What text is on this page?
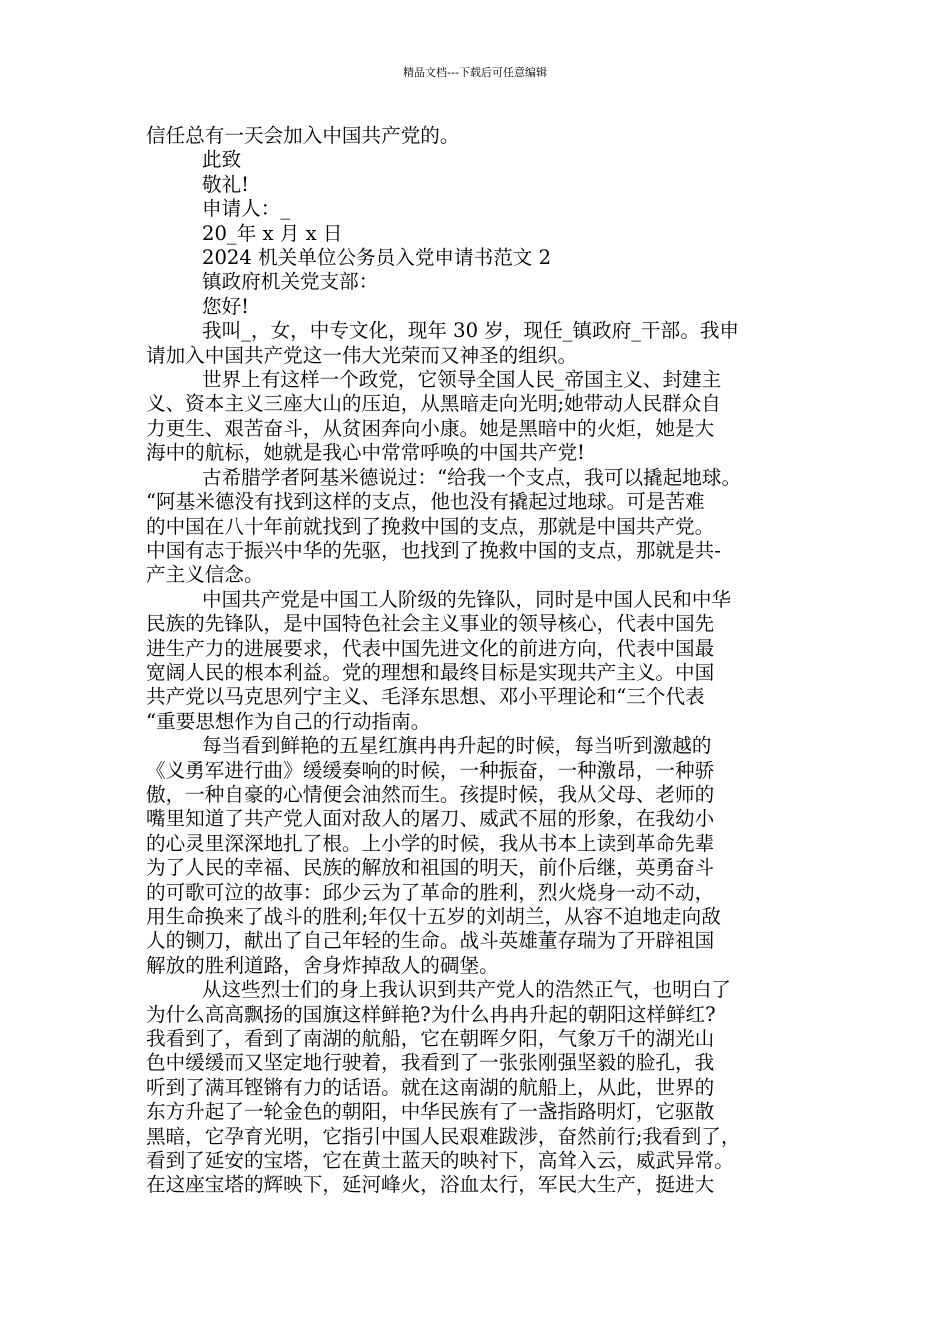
精品文档---下载后可任意编辑

信任总有一天会加入中国共产党的。

此致

敬礼!

申请人：_

20_年 x 月 x 日

2024 机关单位公务员入党申请书范文 2

镇政府机关党支部：

您好!

我叫_，女，中专文化，现年 30 岁，现任_镇政府_干部。我申

请加入中国共产党这一伟大光荣而又神圣的组织。

世界上有这样一个政党，它领导全国人民_帝国主义、封建主

义、资本主义三座大山的压迫，从黑暗走向光明;她带动人民群众自

力更生、艰苦奋斗，从贫困奔向小康。她是黑暗中的火炬，她是大

海中的航标，她就是我心中常常呼唤的中国共产党!

古希腊学者阿基米德说过：“给我一个支点，我可以撬起地球。

“阿基米德没有找到这样的支点，他也没有撬起过地球。可是苦难

的中国在八十年前就找到了挽救中国的支点，那就是中国共产党。

中国有志于振兴中华的先驱，也找到了挽救中国的支点，那就是共-

产主义信念。

中国共产党是中国工人阶级的先锋队，同时是中国人民和中华

民族的先锋队，是中国特色社会主义事业的领导核心，代表中国先

进生产力的进展要求，代表中国先进文化的前进方向，代表中国最

宽阔人民的根本利益。党的理想和最终目标是实现共产主义。中国

共产党以马克思列宁主义、毛泽东思想、邓小平理论和“三个代表

“重要思想作为自己的行动指南。

每当看到鲜艳的五星红旗冉冉升起的时候，每当听到激越的

《义勇军进行曲》缓缓奏响的时候，一种振奋，一种激昂，一种骄

傲，一种自豪的心情便会油然而生。孩提时候，我从父母、老师的

嘴里知道了共产党人面对敌人的屠刀、威武不屈的形象，在我幼小

的心灵里深深地扎了根。上小学的时候，我从书本上读到革命先辈

为了人民的幸福、民族的解放和祖国的明天，前仆后继，英勇奋斗

的可歌可泣的故事：邱少云为了革命的胜利，烈火烧身一动不动，

用生命换来了战斗的胜利;年仅十五岁的刘胡兰，从容不迫地走向敌

人的铡刀，献出了自己年轻的生命。战斗英雄董存瑞为了开辟祖国

解放的胜利道路，舍身炸掉敌人的碉堡。

从这些烈士们的身上我认识到共产党人的浩然正气，也明白了

为什么高高飘扬的国旗这样鲜艳?为什么冉冉升起的朝阳这样鲜红?

我看到了，看到了南湖的航船，它在朝晖夕阳，气象万千的湖光山

色中缓缓而又坚定地行驶着，我看到了一张张刚强坚毅的脸孔，我

听到了满耳铿锵有力的话语。就在这南湖的航船上，从此，世界的

东方升起了一轮金色的朝阳，中华民族有了一盏指路明灯，它驱散

黑暗，它孕育光明，它指引中国人民艰难跋涉，奋然前行;我看到了，

看到了延安的宝塔，它在黄土蓝天的映衬下，高耸入云，威武异常。

在这座宝塔的辉映下，延河峰火，浴血太行，军民大生产，挺进大
